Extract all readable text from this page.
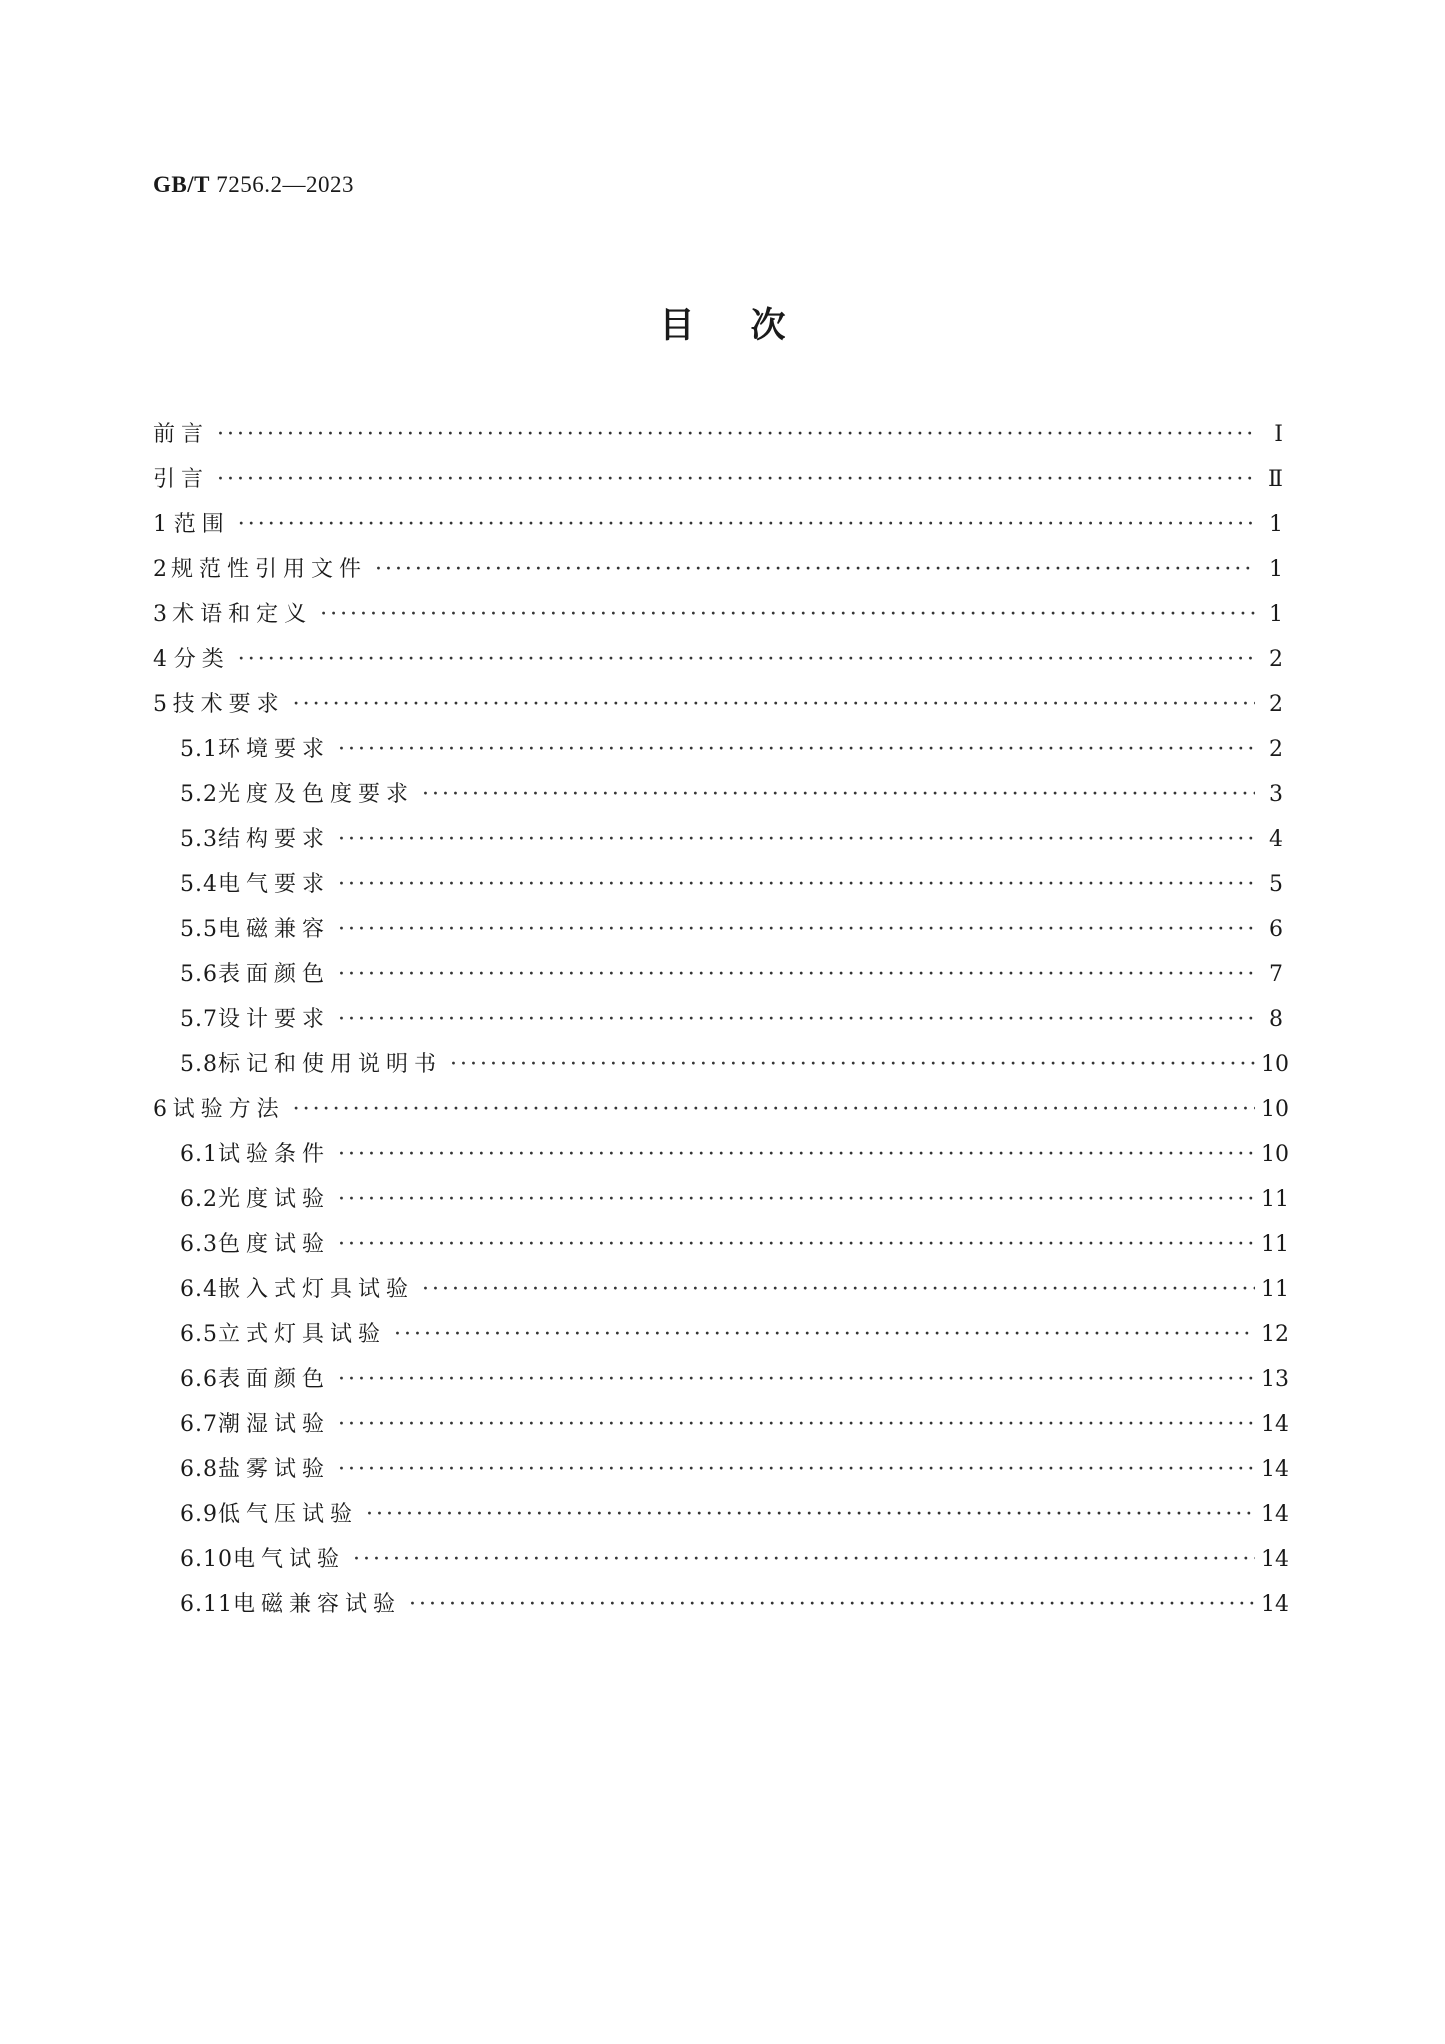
GB/T 7256.2—2023
目次
前言 ·····	Ⅰ
引言 ·····	Ⅱ
1 范围 ·····	1
2 规范性引用文件 ·····	1
3 术语和定义 ·····	1
4 分类 ·····	2
5 技术要求 ·····	2
5.1 环境要求 ·····	2
5.2 光度及色度要求 ·····	3
5.3 结构要求 ·····	4
5.4 电气要求 ·····	5
5.5 电磁兼容 ·····	6
5.6 表面颜色 ·····	7
5.7 设计要求 ·····	8
5.8 标记和使用说明书 ·····	10
6 试验方法 ·····	10
6.1 试验条件 ·····	10
6.2 光度试验 ·····	11
6.3 色度试验 ·····	11
6.4 嵌入式灯具试验 ·····	11
6.5 立式灯具试验 ·····	12
6.6 表面颜色 ·····	13
6.7 潮湿试验 ·····	14
6.8 盐雾试验 ·····	14
6.9 低气压试验 ·····	14
6.10 电气试验 ·····	14
6.11 电磁兼容试验 ·····	14
